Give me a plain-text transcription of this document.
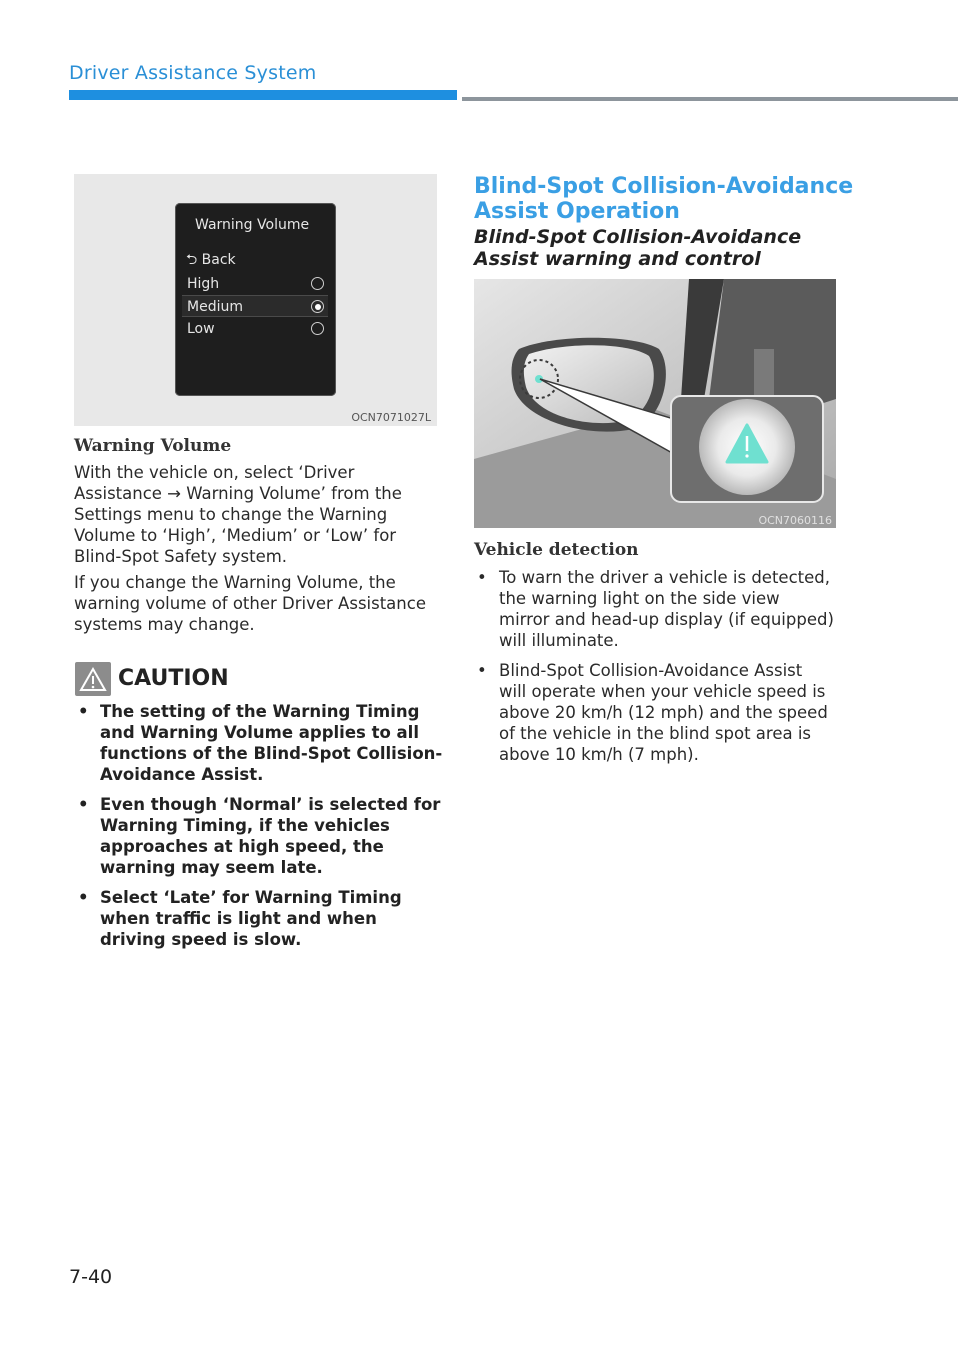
Driver Assistance System
Warning Volume
⮌ Back
High
Medium
Low
OCN7071027L
Warning Volume

With the vehicle on, select ‘Driver Assistance → Warning Volume’ from the Settings menu to change the Warning Volume to ‘High’, ‘Medium’ or ‘Low’ for Blind-Spot Safety system.

If you change the Warning Volume, the warning volume of other Driver Assistance systems may change.

CAUTION
• The setting of the Warning Timing and Warning Volume applies to all functions of the Blind-Spot Collision-Avoidance Assist.
• Even though ‘Normal’ is selected for Warning Timing, if the vehicles approaches at high speed, the warning may seem late.
• Select ‘Late’ for Warning Timing when traffic is light and when driving speed is slow.
Blind-Spot Collision-Avoidance Assist Operation
Blind-Spot Collision-Avoidance Assist warning and control
OCN7060116
Vehicle detection
• To warn the driver a vehicle is detected, the warning light on the side view mirror and head-up display (if equipped) will illuminate.
• Blind-Spot Collision-Avoidance Assist will operate when your vehicle speed is above 20 km/h (12 mph) and the speed of the vehicle in the blind spot area is above 10 km/h (7 mph).
7-40
